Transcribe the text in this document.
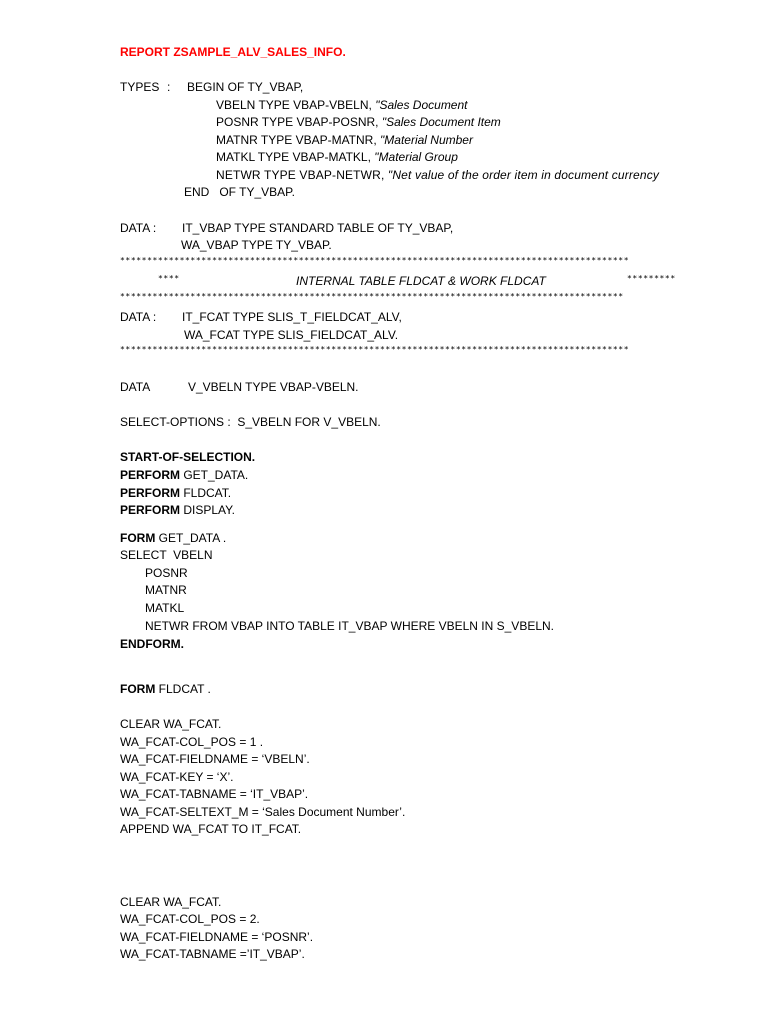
REPORT ZSAMPLE_ALV_SALES_INFO.
TYPES : BEGIN OF TY_VBAP,
VBELN TYPE VBAP-VBELN, "Sales Document
POSNR TYPE VBAP-POSNR, "Sales Document Item
MATNR TYPE VBAP-MATNR, "Material Number
MATKL TYPE VBAP-MATKL, "Material Group
NETWR TYPE VBAP-NETWR, "Net value of the order item in document currency
END   OF TY_VBAP.
DATA : IT_VBAP TYPE STANDARD TABLE OF TY_VBAP,
WA_VBAP TYPE TY_VBAP.
**********************************************************************************************
****	INTERNAL TABLE FLDCAT & WORK FLDCAT	*********
*********************************************************************************************
DATA : IT_FCAT TYPE SLIS_T_FIELDCAT_ALV,
WA_FCAT TYPE SLIS_FIELDCAT_ALV.
**********************************************************************************************
DATA	V_VBELN TYPE VBAP-VBELN.
SELECT-OPTIONS :  S_VBELN FOR V_VBELN.
START-OF-SELECTION.
PERFORM GET_DATA.
PERFORM FLDCAT.
PERFORM DISPLAY.
FORM GET_DATA .
SELECT  VBELN
POSNR
MATNR
MATKL
NETWR FROM VBAP INTO TABLE IT_VBAP WHERE VBELN IN S_VBELN.
ENDFORM.
FORM FLDCAT .
CLEAR WA_FCAT.
WA_FCAT-COL_POS = 1 .
WA_FCAT-FIELDNAME = ‘VBELN’.
WA_FCAT-KEY = ‘X’.
WA_FCAT-TABNAME = ‘IT_VBAP’.
WA_FCAT-SELTEXT_M = ‘Sales Document Number’.
APPEND WA_FCAT TO IT_FCAT.
CLEAR WA_FCAT.
WA_FCAT-COL_POS = 2.
WA_FCAT-FIELDNAME = ‘POSNR’.
WA_FCAT-TABNAME =’IT_VBAP’.
